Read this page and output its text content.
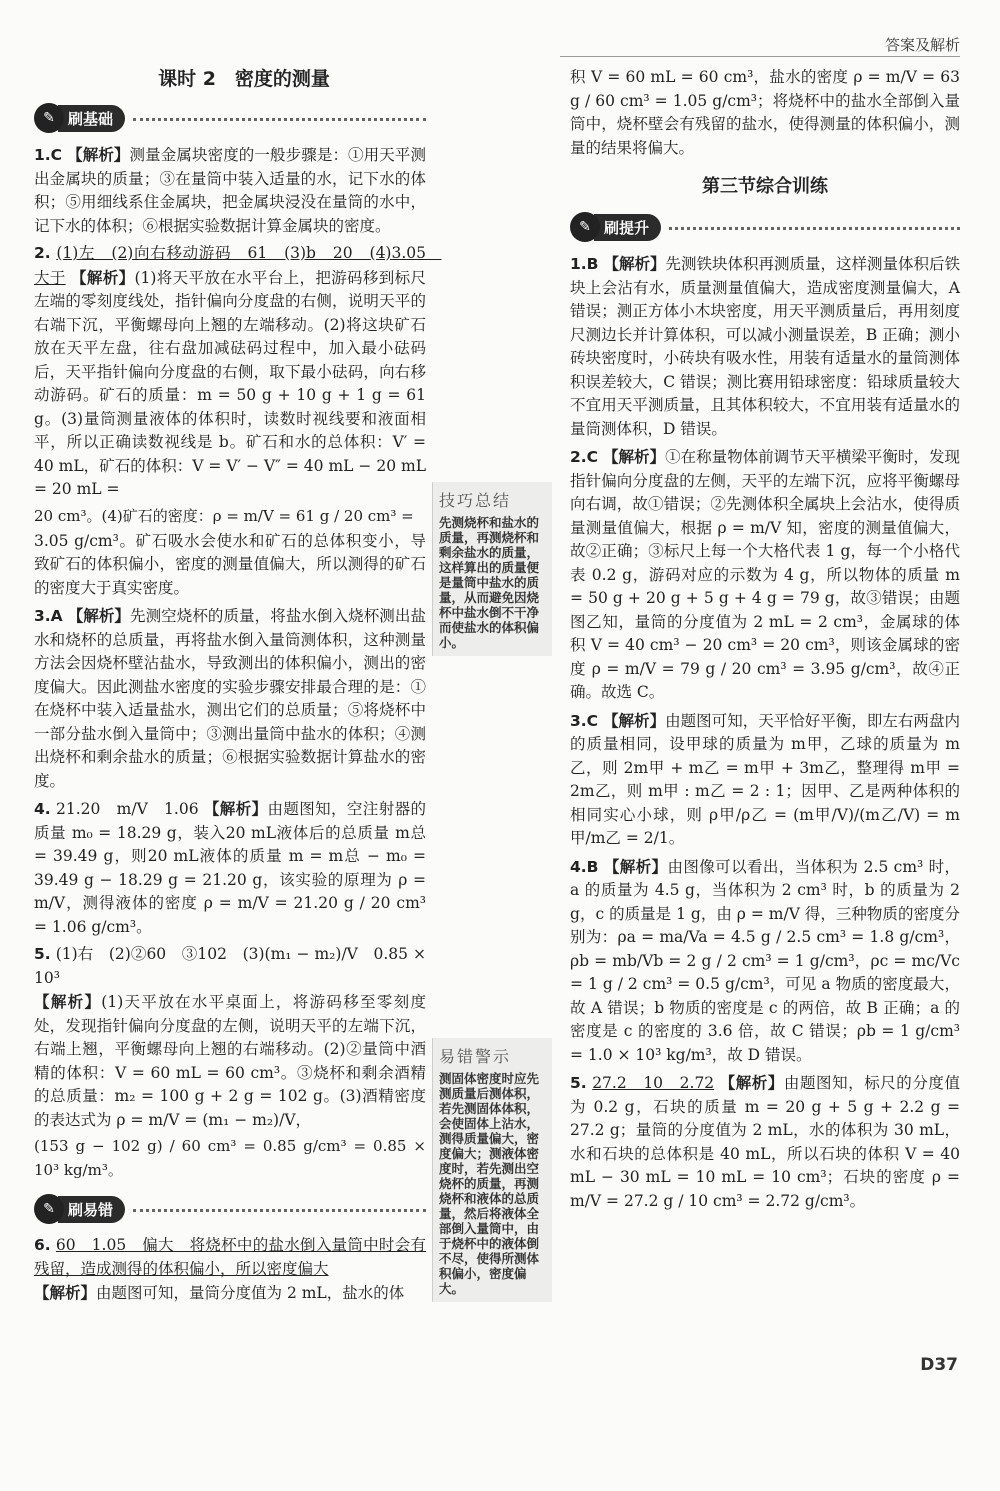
答案及解析
课时 2　密度的测量
✎ 刷基础
1.C 【解析】测量金属块密度的一般步骤是：①用天平测出金属块的质量；③在量筒中装入适量的水，记下水的体积；⑤用细线系住金属块，把金属块浸没在量筒的水中，记下水的体积；⑥根据实验数据计算金属块的密度。
2. (1)左　(2)向右移动游码　61　(3)b　20　(4)3.05　大于 【解析】(1)将天平放在水平台上，把游码移到标尺左端的零刻度线处，指针偏向分度盘的右侧，说明天平的右端下沉，平衡螺母向上翘的左端移动。(2)将这块矿石放在天平左盘，往右盘加减砝码过程中，加入最小砝码后，天平指针偏向分度盘的右侧，取下最小砝码，向右移动游码。矿石的质量：m = 50 g + 10 g + 1 g = 61 g。(3)量筒测量液体的体积时，读数时视线要和液面相平，所以正确读数视线是 b。矿石和水的总体积：V′ = 40 mL，矿石的体积：V = V′ − V″ = 40 mL − 20 mL = 20 mL =
20 cm³。(4)矿石的密度：ρ = m/V = 61 g / 20 cm³ =
3.05 g/cm³。矿石吸水会使水和矿石的总体积变小，导致矿石的体积偏小，密度的测量值偏大，所以测得的矿石的密度大于真实密度。
3.A 【解析】先测空烧杯的质量，将盐水倒入烧杯测出盐水和烧杯的总质量，再将盐水倒入量筒测体积，这种测量方法会因烧杯壁沾盐水，导致测出的体积偏小，测出的密度偏大。因此测盐水密度的实验步骤安排最合理的是：①在烧杯中装入适量盐水，测出它们的总质量；⑤将烧杯中一部分盐水倒入量筒中；③测出量筒中盐水的体积；④测出烧杯和剩余盐水的质量；⑥根据实验数据计算盐水的密度。
4. 21.20　m/V　1.06 【解析】由题图知，空注射器的质量 m₀ = 18.29 g，装入20 mL液体后的总质量 m总 = 39.49 g，则20 mL液体的质量 m = m总 − m₀ = 39.49 g − 18.29 g = 21.20 g，该实验的原理为 ρ = m/V，测得液体的密度 ρ = m/V = 21.20 g / 20 cm³ = 1.06 g/cm³。
5. (1)右　(2)②60　③102　(3)(m₁ − m₂)/V　0.85 × 10³
【解析】(1)天平放在水平桌面上，将游码移至零刻度处，发现指针偏向分度盘的左侧，说明天平的左端下沉，右端上翘，平衡螺母向上翘的右端移动。(2)②量筒中酒精的体积：V = 60 mL = 60 cm³。③烧杯和剩余酒精的总质量：m₂ = 100 g + 2 g = 102 g。(3)酒精密度的表达式为 ρ = m/V = (m₁ − m₂)/V，
(153 g − 102 g) / 60 cm³ = 0.85 g/cm³ = 0.85 × 10³ kg/m³。
✎ 刷易错
6. 60　1.05　偏大　将烧杯中的盐水倒入量筒中时会有残留，造成测得的体积偏小，所以密度偏大
【解析】由题图可知，量筒分度值为 2 mL，盐水的体
技巧总结
先测烧杯和盐水的质量，再测烧杯和剩余盐水的质量，这样算出的质量便是量筒中盐水的质量，从而避免因烧杯中盐水倒不干净而使盐水的体积偏小。
易错警示
测固体密度时应先测质量后测体积，若先测固体体积，会使固体上沾水，测得质量偏大，密度偏大；测液体密度时，若先测出空烧杯的质量，再测烧杯和液体的总质量，然后将液体全部倒入量筒中，由于烧杯中的液体倒不尽，使得所测体积偏小，密度偏大。
积 V = 60 mL = 60 cm³，盐水的密度 ρ = m/V = 63 g / 60 cm³ = 1.05 g/cm³；将烧杯中的盐水全部倒入量筒中，烧杯壁会有残留的盐水，使得测量的体积偏小，测量的结果将偏大。
第三节综合训练
✎ 刷提升
1.B 【解析】先测铁块体积再测质量，这样测量体积后铁块上会沾有水，质量测量值偏大，造成密度测量偏大，A 错误；测正方体小木块密度，用天平测质量后，再用刻度尺测边长并计算体积，可以减小测量误差，B 正确；测小砖块密度时，小砖块有吸水性，用装有适量水的量筒测体积误差较大，C 错误；测比赛用铅球密度：铅球质量较大不宜用天平测质量，且其体积较大，不宜用装有适量水的量筒测体积，D 错误。
2.C 【解析】①在称量物体前调节天平横梁平衡时，发现指针偏向分度盘的左侧，天平的左端下沉，应将平衡螺母向右调，故①错误；②先测体积全属块上会沾水，使得质量测量值偏大，根据 ρ = m/V 知，密度的测量值偏大，故②正确；③标尺上每一个大格代表 1 g，每一个小格代表 0.2 g，游码对应的示数为 4 g，所以物体的质量 m = 50 g + 20 g + 5 g + 4 g = 79 g，故③错误；由题图乙知，量筒的分度值为 2 mL = 2 cm³，金属球的体积 V = 40 cm³ − 20 cm³ = 20 cm³，则该金属球的密度 ρ = m/V = 79 g / 20 cm³ = 3.95 g/cm³，故④正确。故选 C。
3.C 【解析】由题图可知，天平恰好平衡，即左右两盘内的质量相同，设甲球的质量为 m甲，乙球的质量为 m乙，则 2m甲 + m乙 = m甲 + 3m乙，整理得 m甲 = 2m乙，则 m甲 : m乙 = 2 : 1；因甲、乙是两种体积的相同实心小球，则 ρ甲/ρ乙 = (m甲/V)/(m乙/V) = m甲/m乙 = 2/1。
4.B 【解析】由图像可以看出，当体积为 2.5 cm³ 时，a 的质量为 4.5 g，当体积为 2 cm³ 时，b 的质量为 2 g，c 的质量是 1 g，由 ρ = m/V 得，三种物质的密度分别为：ρa = ma/Va = 4.5 g / 2.5 cm³ = 1.8 g/cm³，ρb = mb/Vb = 2 g / 2 cm³ = 1 g/cm³，ρc = mc/Vc = 1 g / 2 cm³ = 0.5 g/cm³，可见 a 物质的密度最大，故 A 错误；b 物质的密度是 c 的两倍，故 B 正确；a 的密度是 c 的密度的 3.6 倍，故 C 错误；ρb = 1 g/cm³ = 1.0 × 10³ kg/m³，故 D 错误。
5. 27.2　10　2.72 【解析】由题图知，标尺的分度值为 0.2 g，石块的质量 m = 20 g + 5 g + 2.2 g = 27.2 g；量筒的分度值为 2 mL，水的体积为 30 mL，水和石块的总体积是 40 mL，所以石块的体积 V = 40 mL − 30 mL = 10 mL = 10 cm³；石块的密度 ρ = m/V = 27.2 g / 10 cm³ = 2.72 g/cm³。
D37
